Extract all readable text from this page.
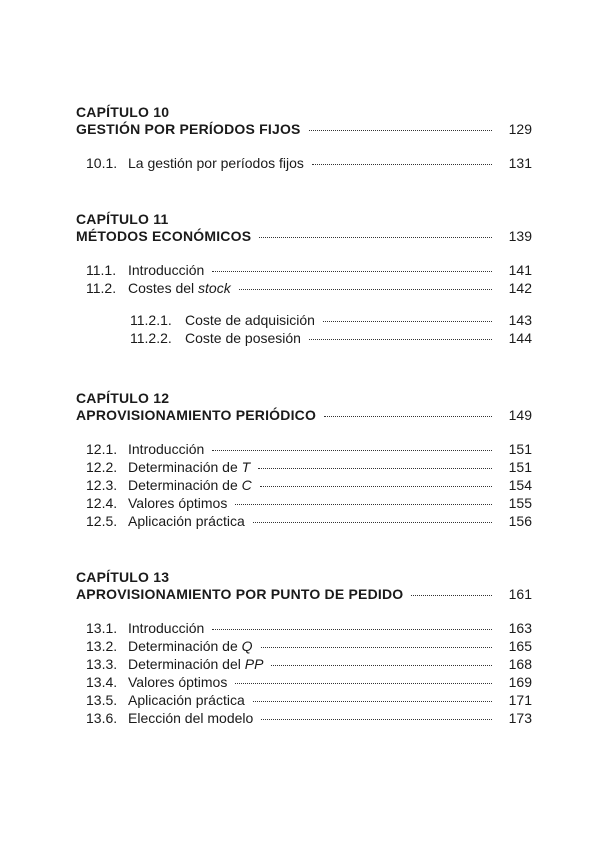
CAPÍTULO 10
GESTIÓN POR PERÍODOS FIJOS	129
10.1. La gestión por períodos fijos	131
CAPÍTULO 11
MÉTODOS ECONÓMICOS	139
11.1. Introducción	141
11.2. Costes del stock	142
11.2.1. Coste de adquisición	143
11.2.2. Coste de posesión	144
CAPÍTULO 12
APROVISIONAMIENTO PERIÓDICO	149
12.1. Introducción	151
12.2. Determinación de T	151
12.3. Determinación de C	154
12.4. Valores óptimos	155
12.5. Aplicación práctica	156
CAPÍTULO 13
APROVISIONAMIENTO POR PUNTO DE PEDIDO	161
13.1. Introducción	163
13.2. Determinación de Q	165
13.3. Determinación del PP	168
13.4. Valores óptimos	169
13.5. Aplicación práctica	171
13.6. Elección del modelo	173
